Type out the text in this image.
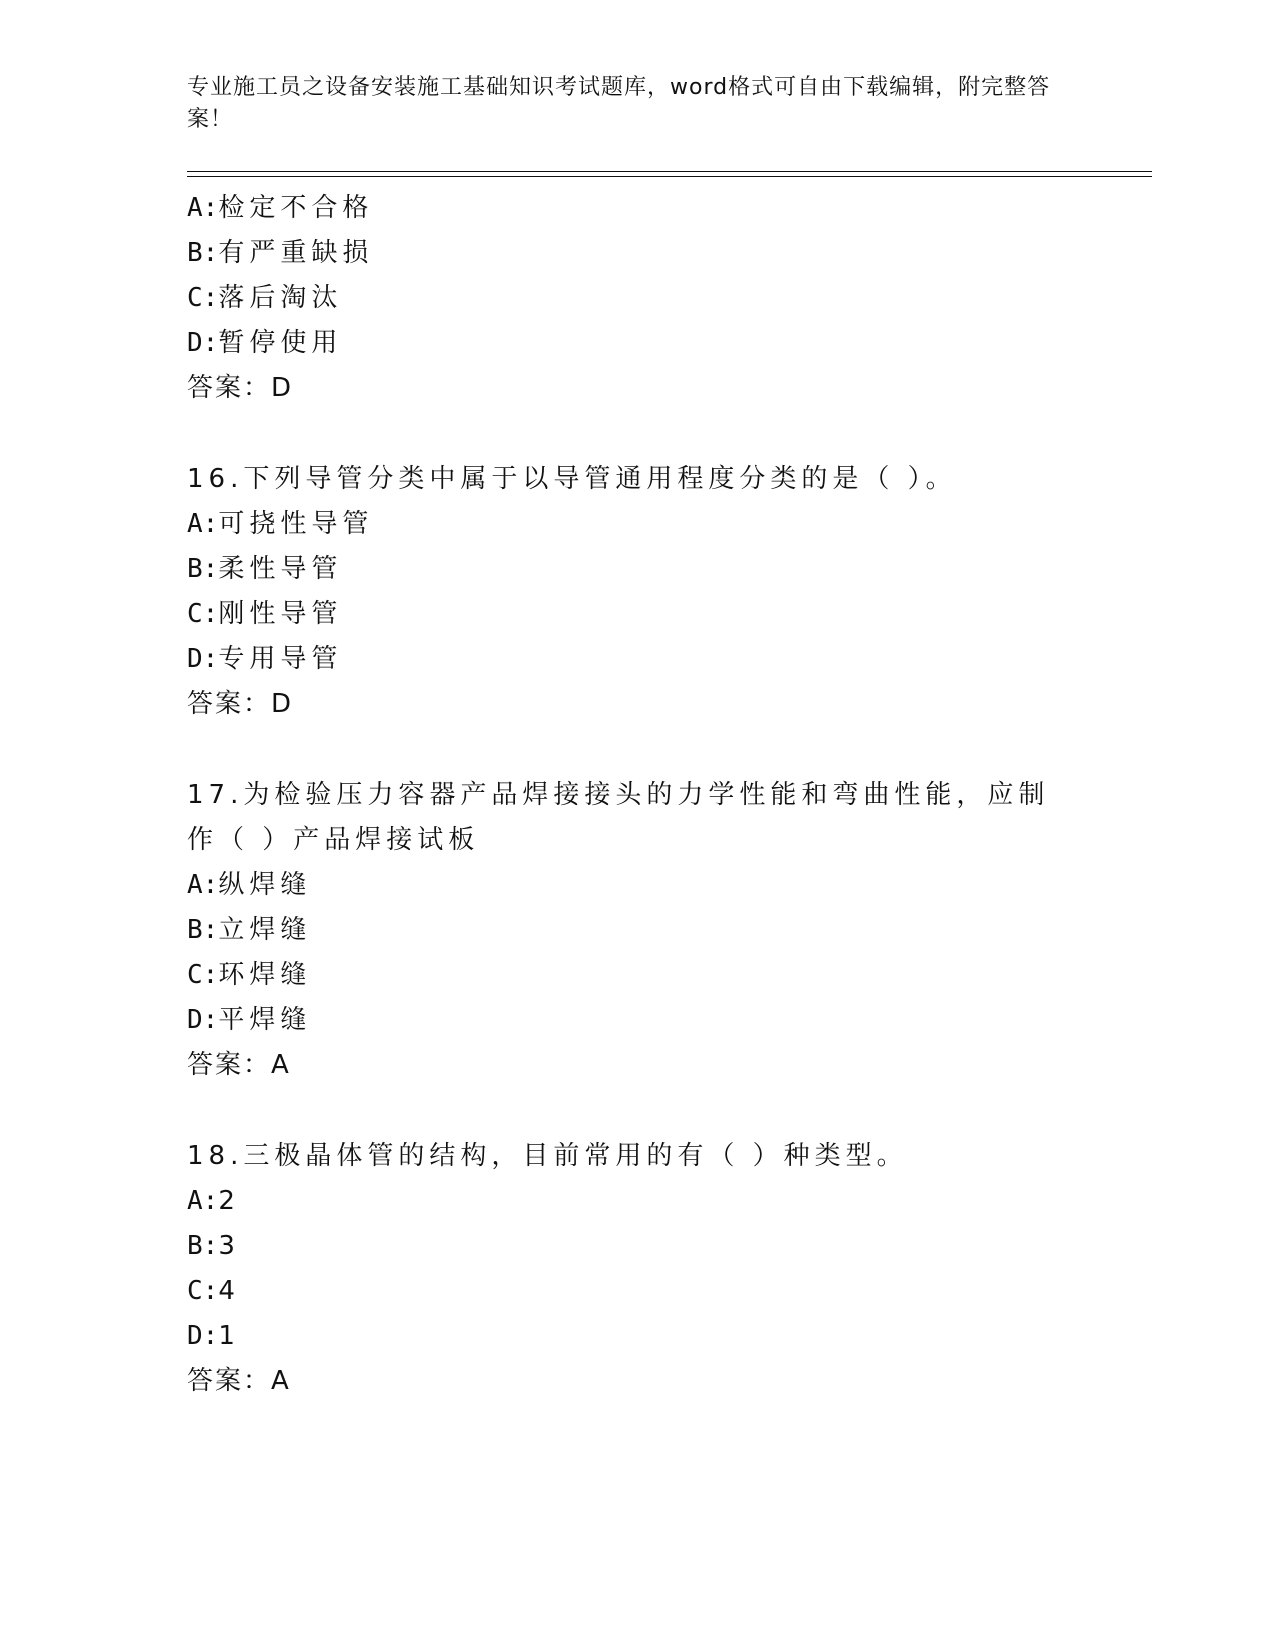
专业施工员之设备安装施工基础知识考试题库，word格式可自由下载编辑，附完整答案！
A:检定不合格
B:有严重缺损
C:落后淘汰
D:暂停使用
答案：D
16.下列导管分类中属于以导管通用程度分类的是（ ）。
A:可挠性导管
B:柔性导管
C:刚性导管
D:专用导管
答案：D
17.为检验压力容器产品焊接接头的力学性能和弯曲性能，应制作（ ）产品焊接试板
A:纵焊缝
B:立焊缝
C:环焊缝
D:平焊缝
答案：A
18.三极晶体管的结构，目前常用的有（ ）种类型。
A:2
B:3
C:4
D:1
答案：A
